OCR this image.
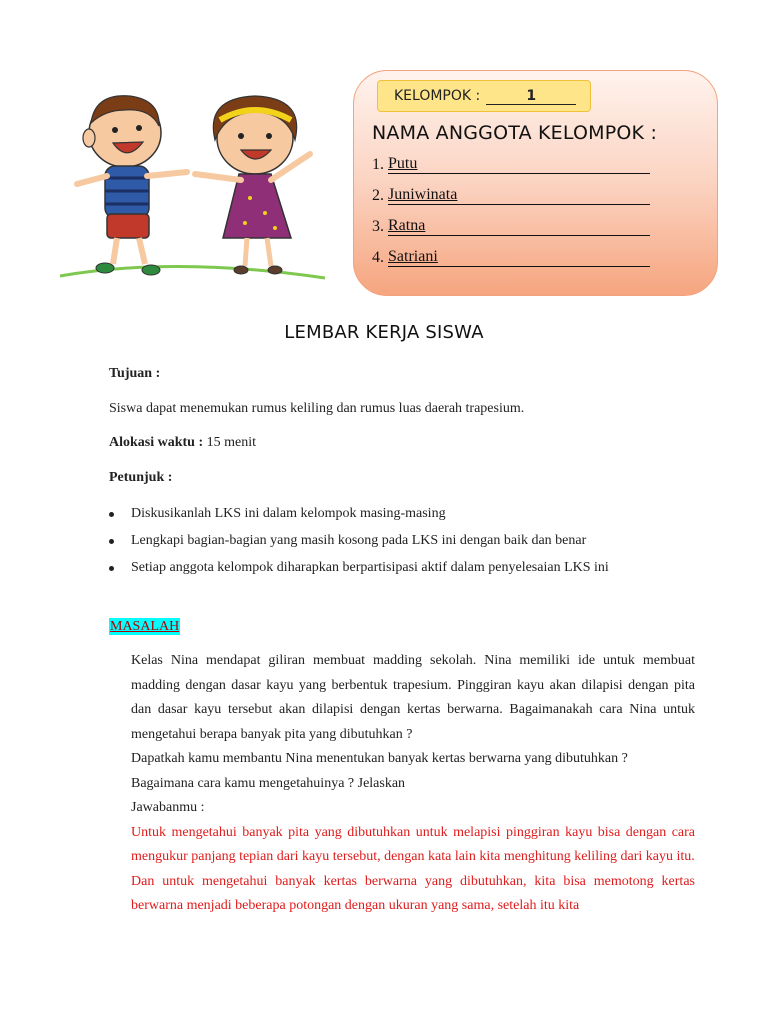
KELOMPOK :	1
NAMA ANGGOTA KELOMPOK :
1. Putu
2. Juniwinata
3. Ratna
4. Satriani
LEMBAR KERJA SISWA
Tujuan :
Siswa dapat menemukan rumus keliling dan rumus luas daerah trapesium.
Alokasi waktu : 15 menit
Petunjuk :
Diskusikanlah LKS ini dalam kelompok masing-masing
Lengkapi bagian-bagian yang masih kosong pada LKS ini dengan baik dan benar
Setiap anggota kelompok diharapkan berpartisipasi aktif dalam penyelesaian LKS ini
MASALAH

Kelas Nina mendapat giliran membuat madding sekolah. Nina memiliki ide untuk membuat madding dengan dasar kayu yang berbentuk trapesium. Pinggiran kayu akan dilapisi dengan pita dan dasar kayu tersebut akan dilapisi dengan kertas berwarna. Bagaimanakah cara Nina untuk mengetahui berapa banyak pita yang dibutuhkan ?

Dapatkah kamu membantu Nina menentukan banyak kertas berwarna yang dibutuhkan ?

Bagaimana cara kamu mengetahuinya ? Jelaskan

Jawabanmu :

Untuk mengetahui banyak pita yang dibutuhkan untuk melapisi pinggiran kayu bisa dengan cara mengukur panjang tepian dari kayu tersebut, dengan kata lain kita menghitung keliling dari kayu itu.

Dan untuk mengetahui banyak kertas berwarna yang dibutuhkan, kita bisa memotong kertas berwarna menjadi beberapa potongan dengan ukuran yang sama, setelah itu kita
